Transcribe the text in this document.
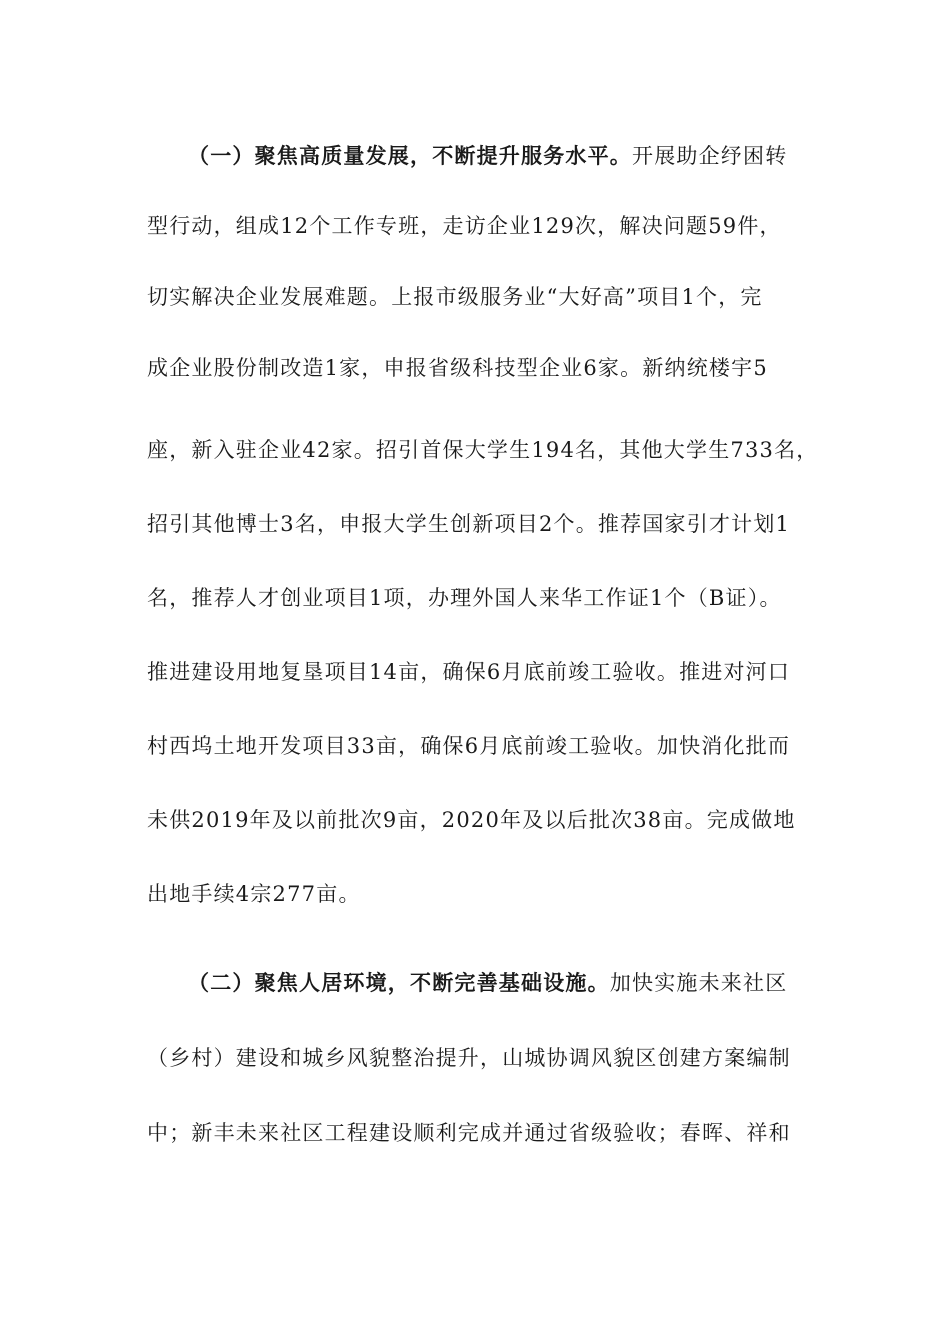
（一）聚焦高质量发展，不断提升服务水平。开展助企纾困转
型行动，组成12个工作专班，走访企业129次，解决问题59件，
切实解决企业发展难题。上报市级服务业“大好高”项目1个，完
成企业股份制改造1家，申报省级科技型企业6家。新纳统楼宇5
座，新入驻企业42家。招引首保大学生194名，其他大学生733名，
招引其他博士3名，申报大学生创新项目2个。推荐国家引才计划1
名，推荐人才创业项目1项，办理外国人来华工作证1个（B证）。
推进建设用地复垦项目14亩，确保6月底前竣工验收。推进对河口
村西坞土地开发项目33亩，确保6月底前竣工验收。加快消化批而
未供2019年及以前批次9亩，2020年及以后批次38亩。完成做地
出地手续4宗277亩。
（二）聚焦人居环境，不断完善基础设施。加快实施未来社区
（乡村）建设和城乡风貌整治提升，山城协调风貌区创建方案编制
中；新丰未来社区工程建设顺利完成并通过省级验收；春晖、祥和
